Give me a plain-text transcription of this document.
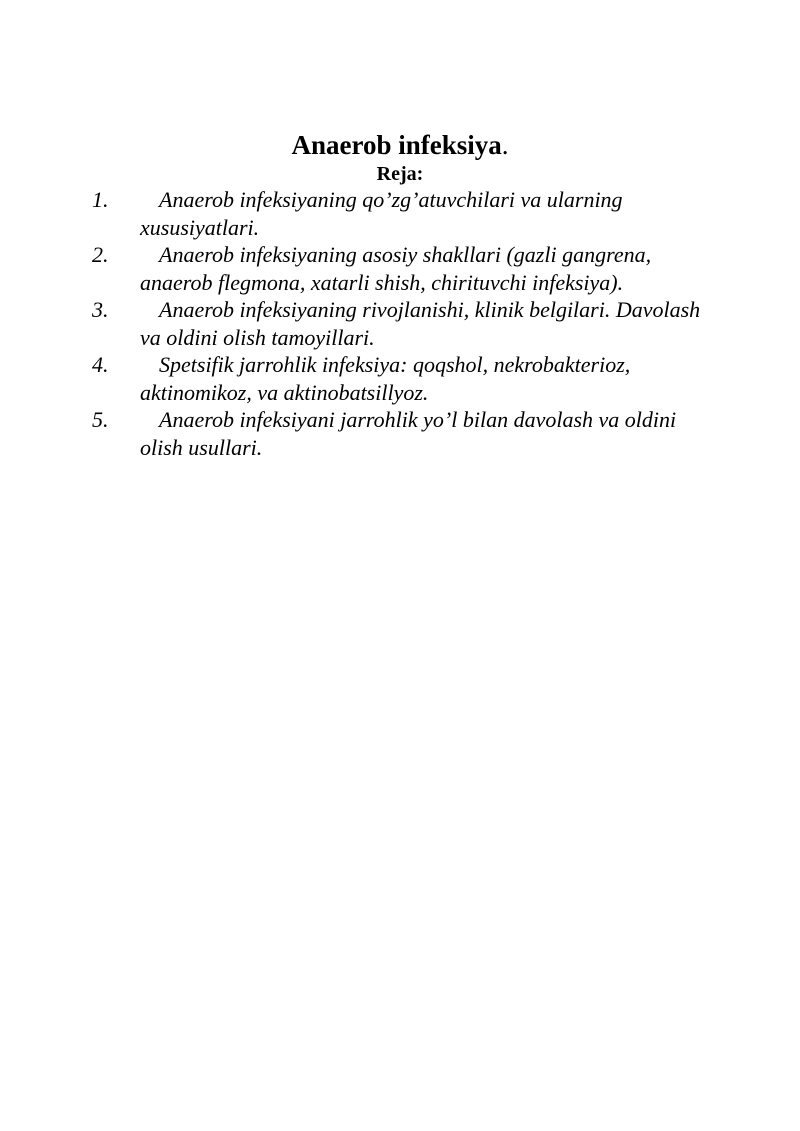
Anaerob infeksiya.
Reja:
1.	Anaerob infeksiyaning qo’zg’atuvchilari va ularning xususiyatlari.
2.	Anaerob infeksiyaning asosiy shakllari (gazli gangrena, anaerob flegmona, xatarli shish, chirituvchi infeksiya).
3.	Anaerob infeksiyaning rivojlanishi, klinik belgilari. Davolash va oldini olish tamoyillari.
4.	Spetsifik jarrohlik infeksiya: qoqshol, nekrobakterioz, aktinomikoz, va aktinobatsillyoz.
5.	Anaerob infeksiyani jarrohlik yo’l bilan davolash va oldini olish usullari.
